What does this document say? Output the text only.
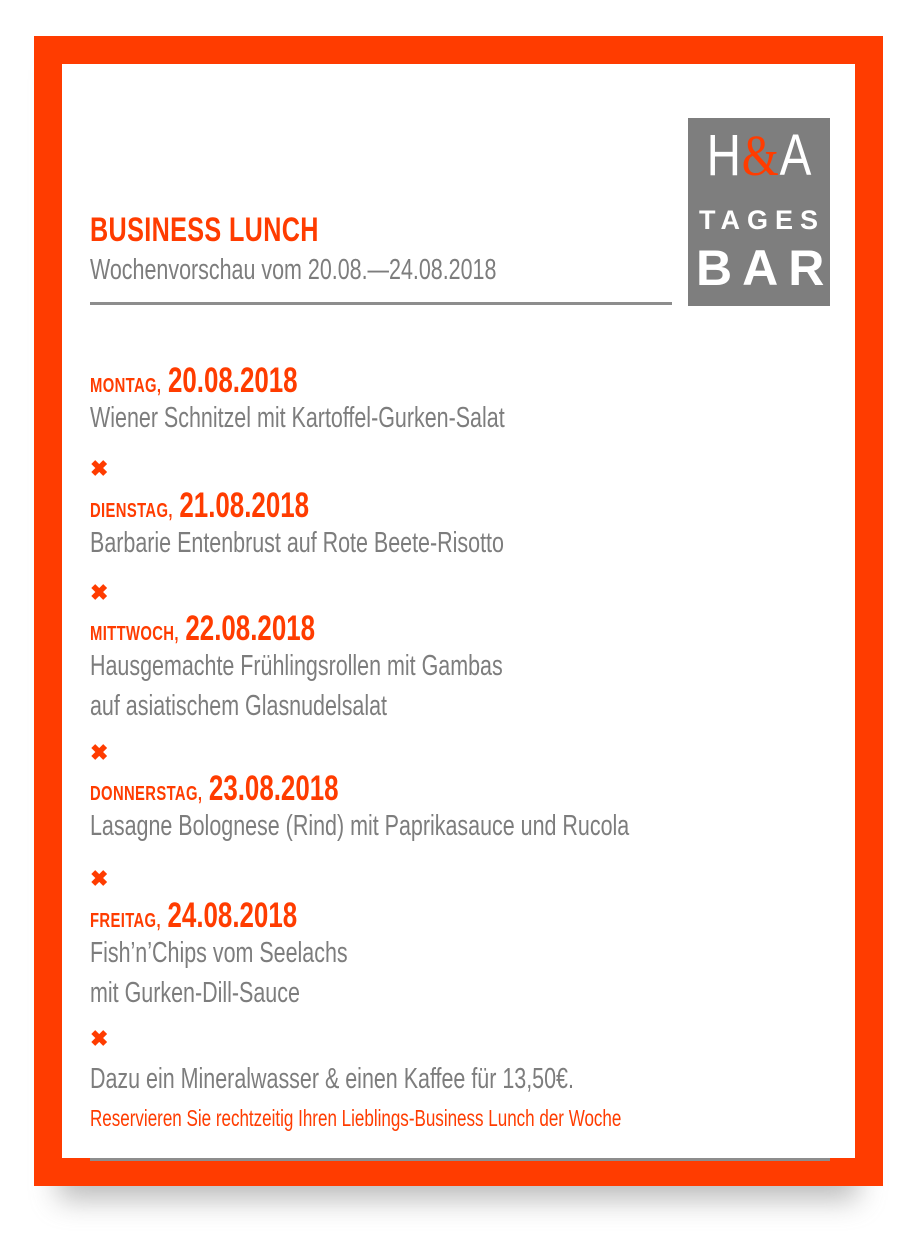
BUSINESS LUNCH
Wochenvorschau vom 20.08.—24.08.2018
H&A
TAGES
BAR
MONTAG, 20.08.2018
Wiener Schnitzel mit Kartoffel-Gurken-Salat
✖
DIENSTAG, 21.08.2018
Barbarie Entenbrust auf Rote Beete-Risotto
✖
MITTWOCH, 22.08.2018
Hausgemachte Frühlingsrollen mit Gambas
auf asiatischem Glasnudelsalat
✖
DONNERSTAG, 23.08.2018
Lasagne Bolognese (Rind) mit Paprikasauce und Rucola
✖
FREITAG, 24.08.2018
Fish’n’Chips vom Seelachs
mit Gurken-Dill-Sauce
✖
Dazu ein Mineralwasser & einen Kaffee für 13,50€.
Reservieren Sie rechtzeitig Ihren Lieblings-Business Lunch der Woche
